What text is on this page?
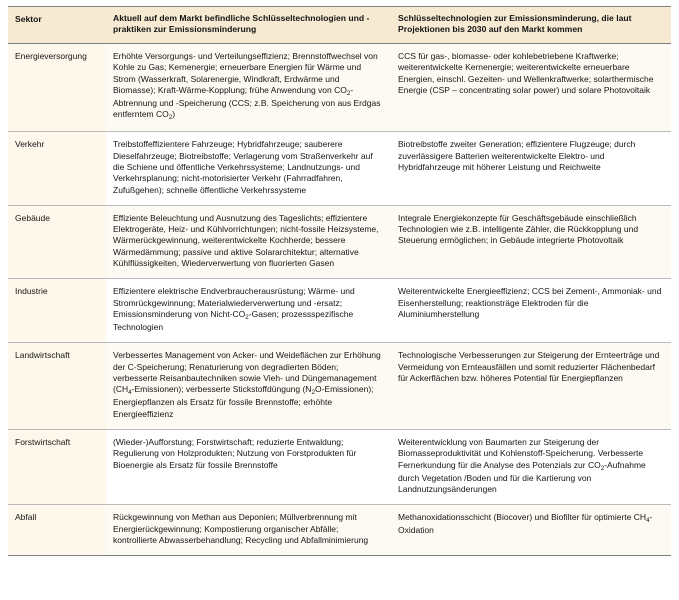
Sektor	Aktuell auf dem Markt befindliche Schlüsseltechnologien und -praktiken zur Emissionsminderung	Schlüsseltechnologien zur Emissionsminderung, die laut Projektionen bis 2030 auf den Markt kommen
Energieversorgung	Erhöhte Versorgungs- und Verteilungseffizienz; Brennstoffwechsel von Kohle zu Gas; Kernenergie; erneuerbare Energien für Wärme und Strom (Wasserkraft, Solarenergie, Windkraft, Erdwärme und Biomasse); Kraft-Wärme-Kopplung; frühe Anwendung von $CO_2$-Abtrennung und -Speicherung (CCS; z.B. Speicherung von aus Erdgas entferntem $CO_2$)	CCS für gas-, biomasse- oder kohlebetriebene Kraftwerke; weiterentwickelte Kernenergie; weiterentwickelte erneuerbare Energien, einschl. Gezeiten- und Wellenkraftwerke; solarthermische Energie (CSP – concentrating solar power) und solare Photovoltaik
Verkehr	Treibstoffeffizientere Fahrzeuge; Hybridfahrzeuge; sauberere Dieselfahrzeuge; Biotreibstoffe; Verlagerung vom Straßenverkehr auf die Schiene und öffentliche Verkehrssysteme; Landnutzungs- und Verkehrsplanung; nicht-motorisierter Verkehr (Fahrradfahren, Zufußgehen); schnelle öffentliche Verkehrssysteme	Biotreibstoffe zweiter Generation; effizientere Flugzeuge; durch zuverlässigere Batterien weiterentwickelte Elektro- und Hybridfahrzeuge mit höherer Leistung und Reichweite
Gebäude	Effiziente Beleuchtung und Ausnutzung des Tageslichts; effizientere Elektrogeräte, Heiz- und Kühlvorrichtungen; nicht-fossile Heizsysteme, Wärmerückgewinnung, weiterentwickelte Kochherde; bessere Wärmedämmung; passive und aktive Solararchitektur; alternative Kühlflüssigkeiten, Wiederverwertung von fluorierten Gasen	Integrale Energiekonzepte für Geschäftsgebäude einschließlich Technologien wie z.B. intelligente Zähler, die Rückkopplung und Steuerung ermöglichen; in Gebäude integrierte Photovoltaik
Industrie	Effizientere elektrische Endverbraucherausrüstung; Wärme- und Stromrückgewinnung; Materialwiederverwertung und -ersatz; Emissionsminderung von Nicht-$CO_2$-Gasen; prozessspezifische Technologien	Weiterentwickelte Energieeffizienz; CCS bei Zement-, Ammoniak- und Eisenherstellung; reaktionsträge Elektroden für die Aluminiumherstellung
Landwirtschaft	Verbessertes Management von Acker- und Weideflächen zur Erhöhung der C-Speicherung; Renaturierung von degradierten Böden; verbesserte Reisanbautechniken sowie Vieh- und Düngemanagement $(CH_4-Emissionen)$; verbesserte Stickstoffdüngung $(N_2O-Emissionen)$; Energiepflanzen als Ersatz für fossile Brennstoffe; erhöhte Energieeffizienz	Technologische Verbesserungen zur Steigerung der Ernteerträge und Vermeidung von Ernteausfällen und somit reduzierter Flächenbedarf für Ackerflächen bzw. höheres Potential für Energiepflanzen
Forstwirtschaft	(Wieder-)Aufforstung; Forstwirtschaft; reduzierte Entwaldung; Regulierung von Holzprodukten; Nutzung von Forstprodukten für Bioenergie als Ersatz für fossile Brennstoffe	Weiterentwicklung von Baumarten zur Steigerung der Biomasseproduktivität und Kohlenstoff-Speicherung. Verbesserte Fernerkundung für die Analyse des Potenzials zur $CO_2$-Aufnahme durch Vegetation /Boden und für die Kartierung von Landnutzungsänderungen
Abfall	Rückgewinnung von Methan aus Deponien; Müllverbrennung mit Energierückgewinnung; Kompostierung organischer Abfälle; kontrollierte Abwasserbehandlung; Recycling und Abfallminimierung	Methanoxidationsschicht (Biocover) und Biofilter für optimierte $CH_4$-Oxidation
